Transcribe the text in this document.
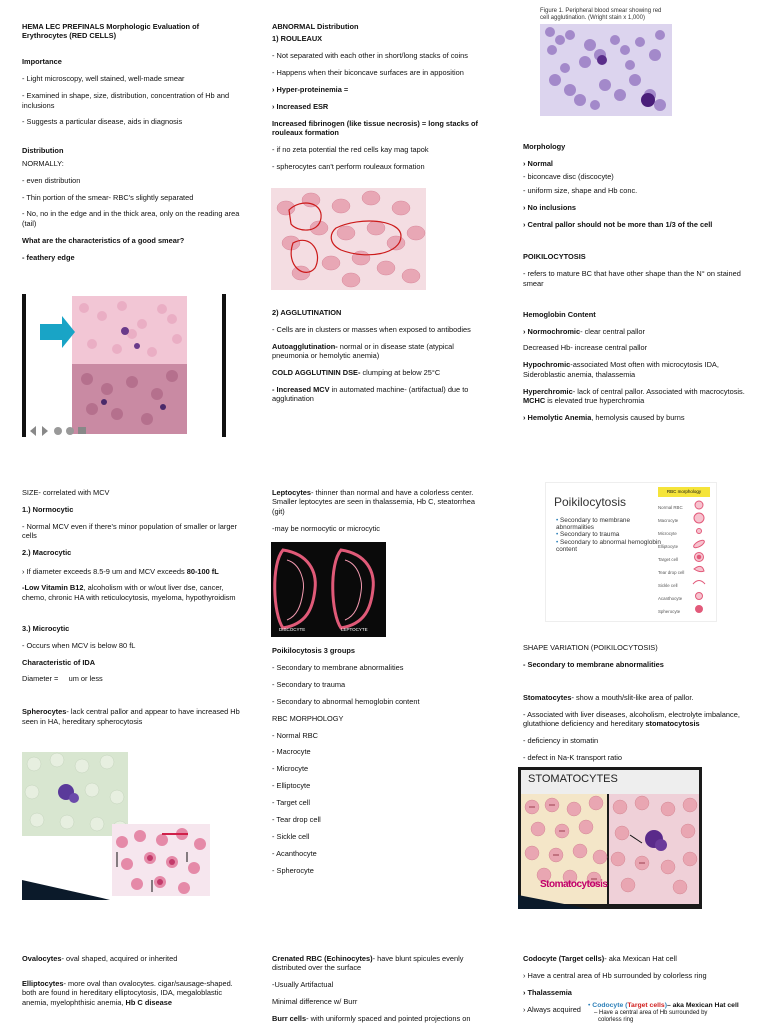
HEMA LEC PREFINALS Morphologic Evaluation of Erythrocytes (RED CELLS)
Importance
- Light microscopy, well stained, well-made smear
- Examined in shape, size, distribution, concentration of Hb and inclusions
- Suggests a particular disease, aids in diagnosis
Distribution
NORMALLY:
- even distribution
- Thin portion of the smear- RBC's slightly separated
- No, no in the edge and in the thick area, only on the reading area (tail)
What are the characteristics of a good smear?
- feathery edge
ABNORMAL Distribution
1) ROULEAUX
- Not separated with each other in short/long stacks of coins
- Happens when their biconcave surfaces are in apposition
› Hyper-proteinemia =
› Increased ESR
Increased fibrinogen (like tissue necrosis) = long stacks of rouleaux formation
- if no zeta potential the red cells kay mag tapok
- spherocytes can't perform rouleaux formation
2) AGGLUTINATION
- Cells are in clusters or masses when exposed to antibodies
Autoagglutination- normal or in disease state (atypical pneumonia or hemolytic anemia)
COLD AGGLUTININ DSE- clumping at below 25°C
- Increased MCV in automated machine- (artifactual) due to agglutination
Figure 1. Peripheral blood smear showing red cell agglutination. (Wright stain x 1,000)
Morphology
› Normal
- biconcave disc (discocyte)
- uniform size, shape and Hb conc.
› No inclusions
› Central pallor should not be more than 1/3 of the cell
POIKILOCYTOSIS
- refers to mature BC that have other shape than the N° on stained smear
Hemoglobin Content
› Normochromic- clear central pallor
Decreased Hb- increase central pallor
Hypochromic-associated Most often with microcytosis IDA, Sideroblastic anemia, thalassemia
Hyperchromic- lack of central pallor. Associated with macrocytosis. MCHC is elevated true hyperchromia
› Hemolytic Anemia, hemolysis caused by burns
SIZE- correlated with MCV
1.) Normocytic
- Normal MCV even if there's minor population of smaller or larger cells
2.) Macrocytic
› If diameter exceeds 8.5-9 um and MCV exceeds 80-100 fL
-Low Vitamin B12, alcoholism with or w/out liver dse, cancer, chemo, chronic HA with reticulocytosis, myeloma, hypothyroidism
3.) Microcytic
- Occurs when MCV is below 80 fL
Characteristic of IDA
Diameter =     um or less
Spherocytes- lack central pallor and appear to have increased Hb seen in HA, hereditary spherocytosis
Leptocytes- thinner than normal and have a colorless center. Smaller leptocytes are seen in thalassemia, Hb C, steatorrhea (git)
-may be normocytic or microcytic
DISCOCYTE	LEPTOCYTE
Poikilocytosis 3 groups
- Secondary to membrane abnormalities
- Secondary to trauma
- Secondary to abnormal hemoglobin content
RBC MORPHOLOGY
- Normal RBC
- Macrocyte
- Microcyte
- Elliptocyte
- Target cell
- Tear drop cell
- Sickle cell
- Acanthocyte
- Spherocyte
Poikilocytosis
• Secondary to membrane abnormalities
• Secondary to trauma
• Secondary to abnormal hemoglobin content
RBC morphology
Normal RBC
Macrocyte
Microcyte
Elliptocyte
Target cell
Tear drop cell
Sickle cell
Acanthocyte
Spherocyte
SHAPE VARIATION (POIKILOCYTOSIS)
- Secondary to membrane abnormalities
Stomatocytes- show a mouth/slit-like area of pallor.
- Associated with liver diseases, alcoholism, electrolyte imbalance, glutathione deficiency and hereditary stomatocytosis
- deficiency in stomatin
- defect in Na-K transport ratio
STOMATOCYTES
Stomatocytosis
Ovalocytes- oval shaped, acquired or inherited
Elliptocytes- more oval than ovalocytes. cigar/sausage-shaped. both are found in hereditary elliptocytosis, IDA, megaloblastic anemia, myelophthisic anemia, Hb C disease
Crenated RBC (Echinocytes)- have blunt spicules evenly distributed over the surface
-Usually Artifactual
Minimal difference w/ Burr
Burr cells- with uniformly spaced and pointed projections on
Codocyte (Target cells)- aka Mexican Hat cell
› Have a central area of Hb surrounded by colorless ring
› Thalassemia
› Always acquired	• Codocyte (Target cells)– aka Mexican Hat cell
– Have a central area of Hb surrounded by
colorless ring
